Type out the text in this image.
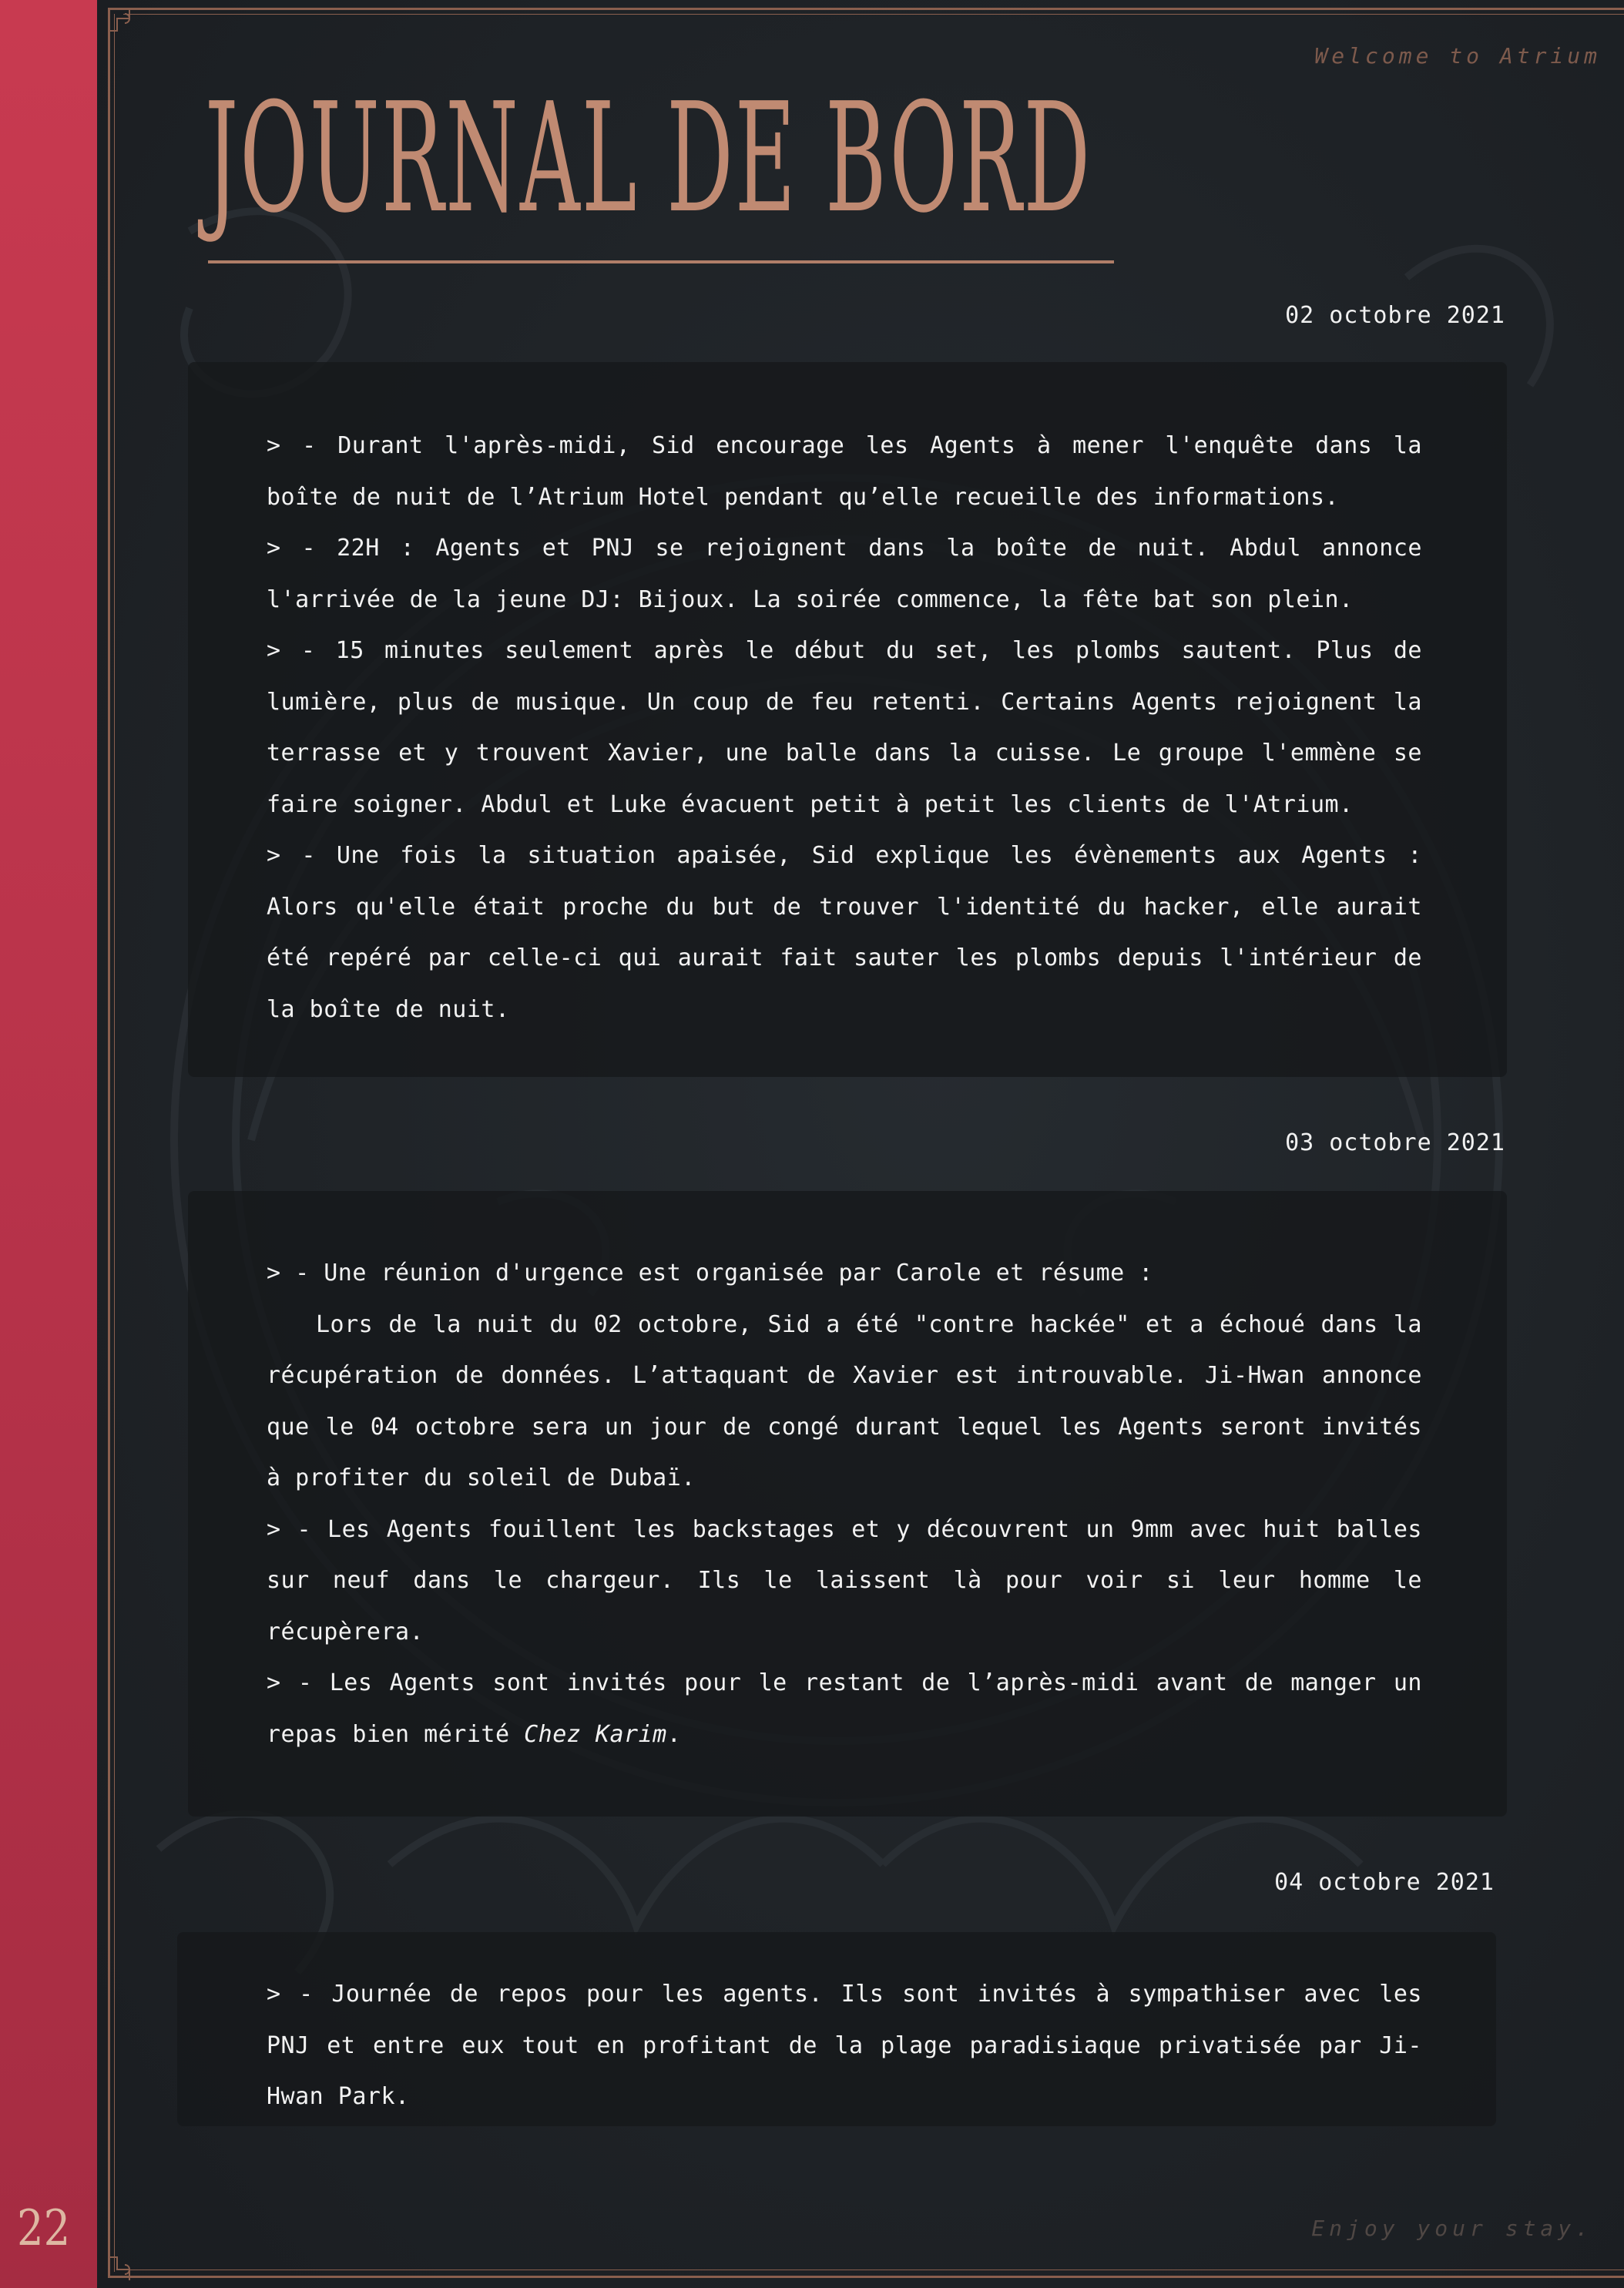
Welcome to Atrium
JOURNAL DE BORD
02 octobre 2021

> - Durant l'après-midi, Sid encourage les Agents à mener l'enquête dans la boîte de nuit de l’Atrium Hotel pendant qu’elle recueille des informations.

> - 22H : Agents et PNJ se rejoignent dans la boîte de nuit. Abdul annonce l'arrivée de la jeune DJ: Bijoux. La soirée commence, la fête bat son plein.

> - 15 minutes seulement après le début du set, les plombs sautent. Plus de lumière, plus de musique. Un coup de feu retenti. Certains Agents rejoignent la terrasse et y trouvent Xavier, une balle dans la cuisse. Le groupe l'emmène se faire soigner. Abdul et Luke évacuent petit à petit les clients de l'Atrium.

> - Une fois la situation apaisée, Sid explique les évènements aux Agents : Alors qu'elle était proche du but de trouver l'identité du hacker, elle aurait été repéré par celle-ci qui aurait fait sauter les plombs depuis l'intérieur de la boîte de nuit.

03 octobre 2021

> - Une réunion d'urgence est organisée par Carole et résume :

Lors de la nuit du 02 octobre, Sid a été "contre hackée" et a échoué dans la récupération de données. L’attaquant de Xavier est introuvable. Ji-Hwan annonce que le 04 octobre sera un jour de congé durant lequel les Agents seront invités à profiter du soleil de Dubaï.

> - Les Agents fouillent les backstages et y découvrent un 9mm avec huit balles sur neuf dans le chargeur. Ils le laissent là pour voir si leur homme le récupèrera.

> - Les Agents sont invités pour le restant de l’après-midi avant de manger un repas bien mérité Chez Karim.

04 octobre 2021

> - Journée de repos pour les agents. Ils sont invités à sympathiser avec les PNJ et entre eux tout en profitant de la plage paradisiaque privatisée par Ji-Hwan Park.

Enjoy your stay.
22
